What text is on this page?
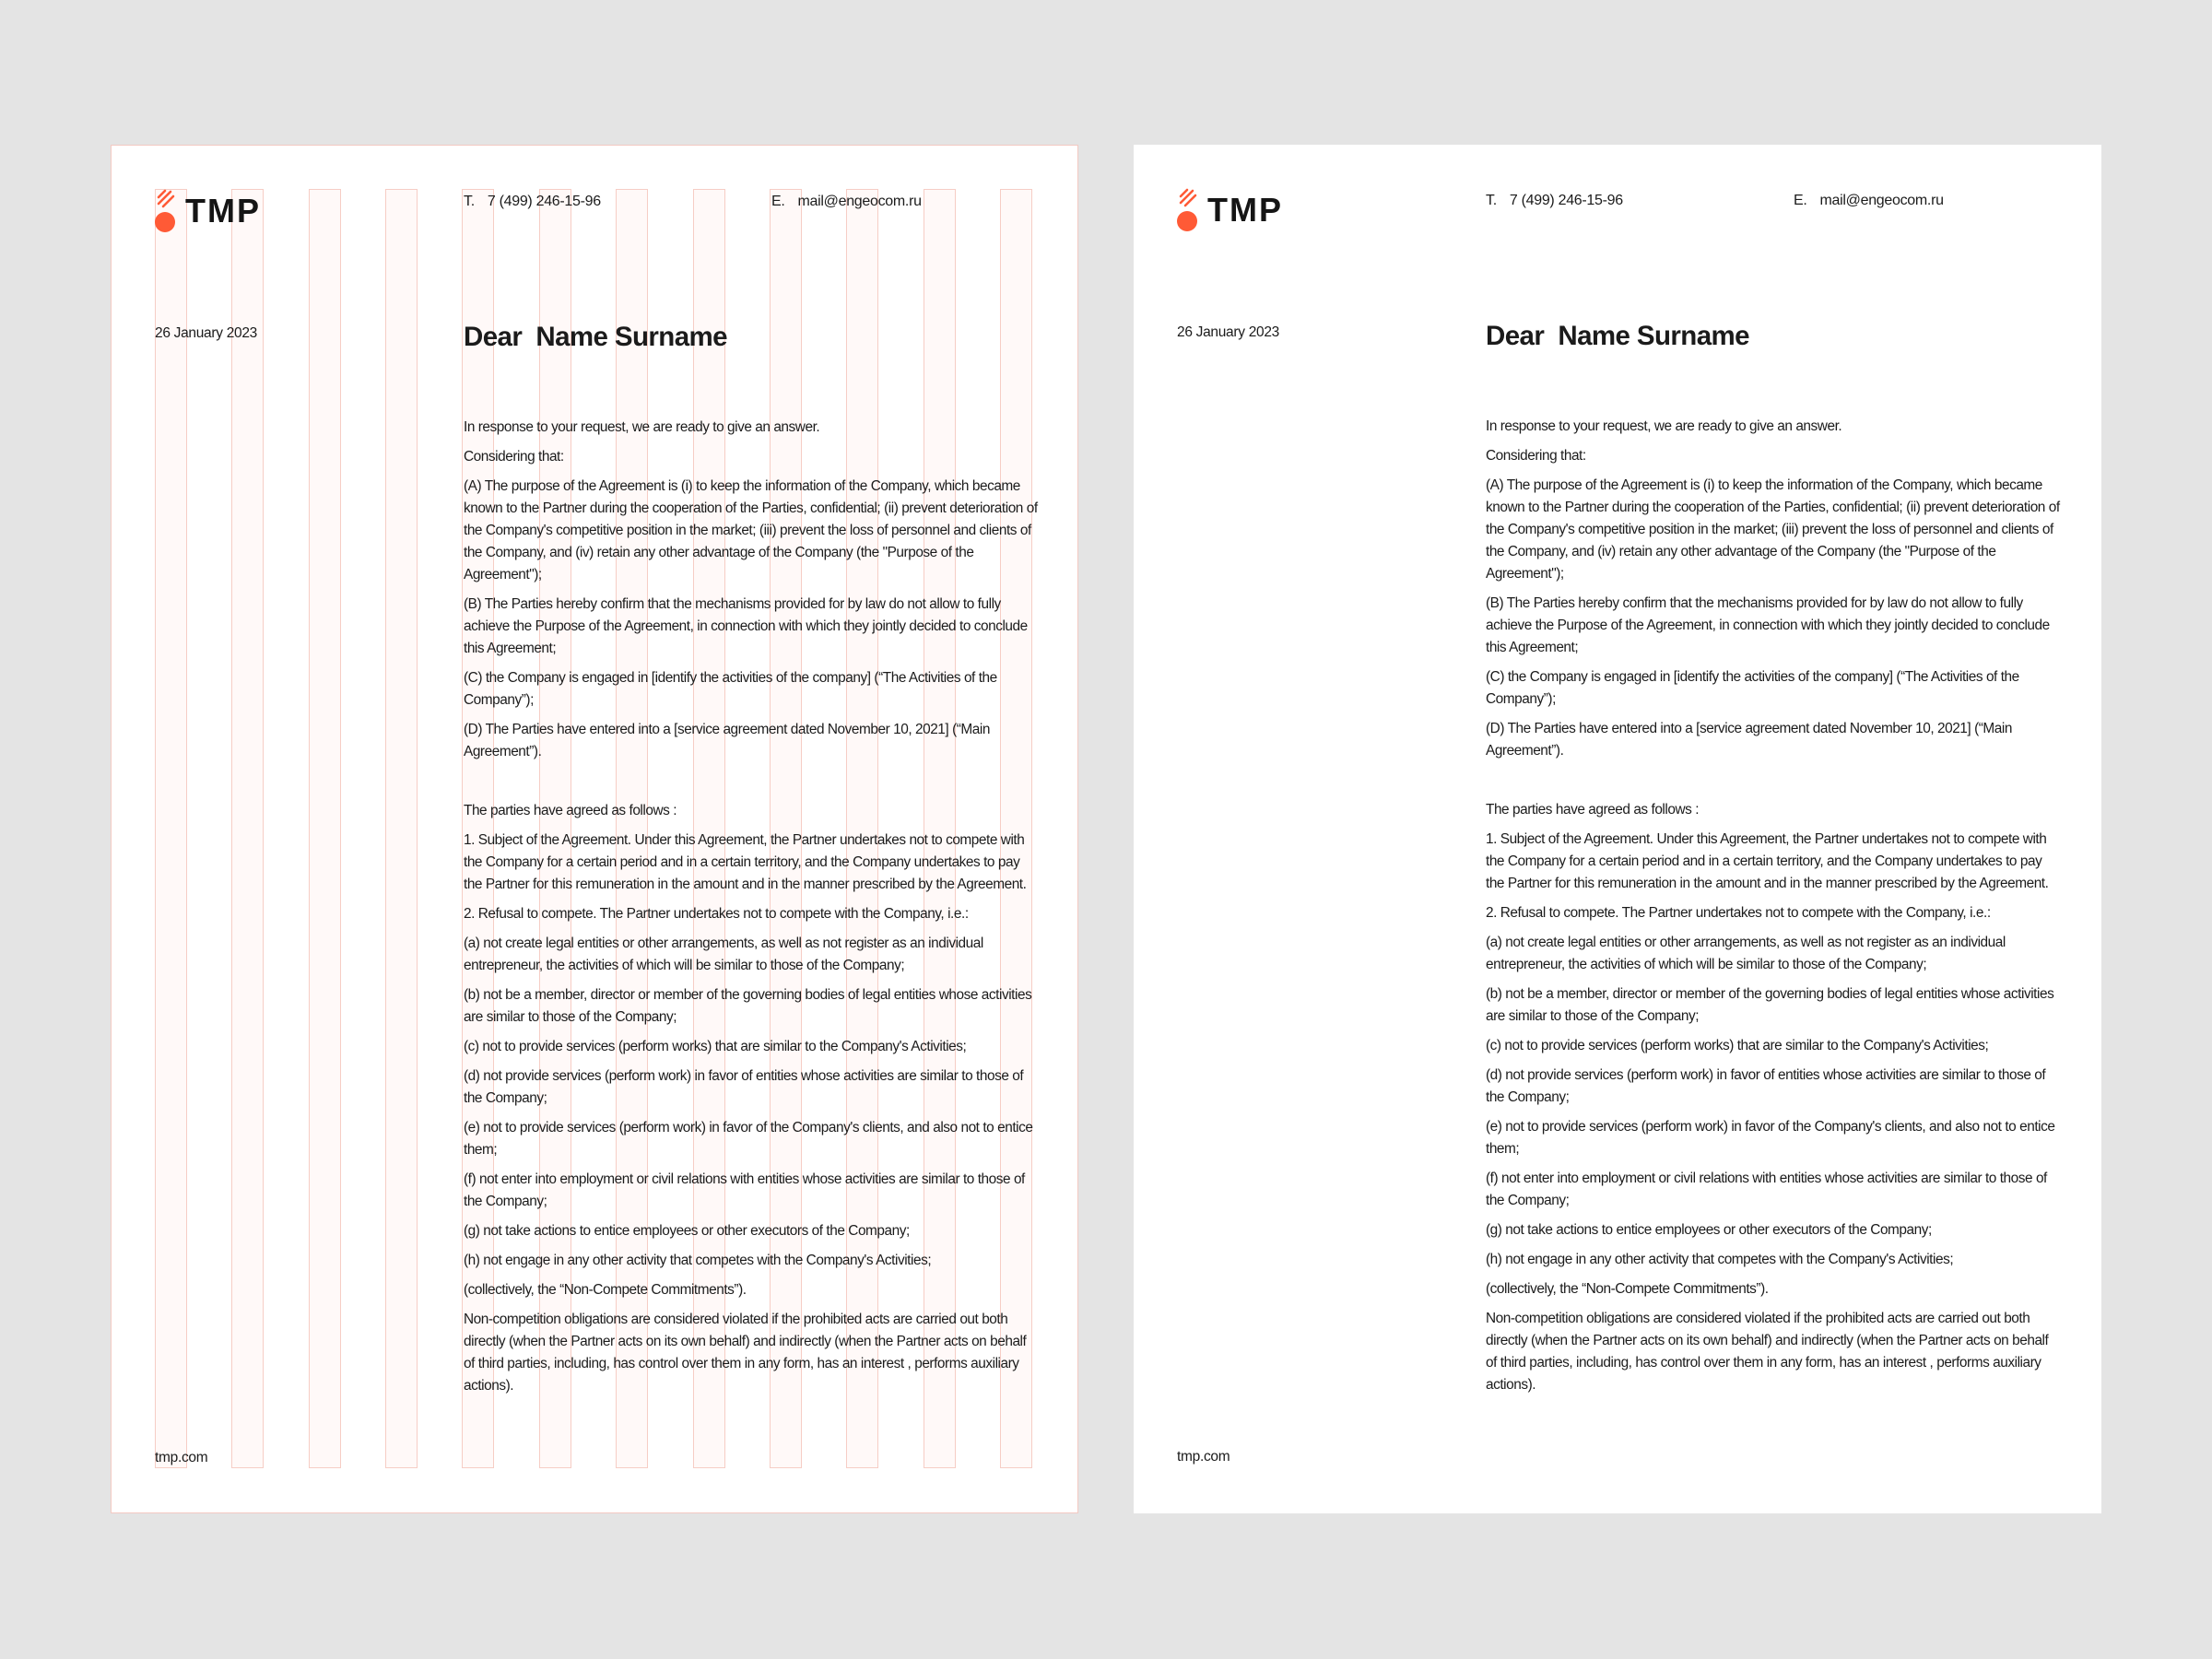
TMP	T. 7 (499) 246-15-96	E. mail@engeocom.ru
26 January 2023	Dear  Name Surname

In response to your request, we are ready to give an answer.

Considering that:

(A) The purpose of the Agreement is (i) to keep the information of the Company, which became known to the Partner during the cooperation of the Parties, confidential; (ii) prevent deterioration of the Company's competitive position in the market; (iii) prevent the loss of personnel and clients of the Company, and (iv) retain any other advantage of the Company (the "Purpose of the Agreement");

(B) The Parties hereby confirm that the mechanisms provided for by law do not allow to fully achieve the Purpose of the Agreement, in connection with which they jointly decided to conclude this Agreement;

(C) the Company is engaged in [identify the activities of the company] (“The Activities of the Company”);

(D) The Parties have entered into a [service agreement dated November 10, 2021] (“Main Agreement”).

The parties have agreed as follows :

1. Subject of the Agreement. Under this Agreement, the Partner undertakes not to compete with the Company for a certain period and in a certain territory, and the Company undertakes to pay the Partner for this remuneration in the amount and in the manner prescribed by the Agreement.

2. Refusal to compete. The Partner undertakes not to compete with the Company, i.e.:

(a) not create legal entities or other arrangements, as well as not register as an individual entrepreneur, the activities of which will be similar to those of the Company;

(b) not be a member, director or member of the governing bodies of legal entities whose activities are similar to those of the Company;

(c) not to provide services (perform works) that are similar to the Company's Activities;

(d) not provide services (perform work) in favor of entities whose activities are similar to those of the Company;

(e) not to provide services (perform work) in favor of the Company's clients, and also not to entice them;

(f) not enter into employment or civil relations with entities whose activities are similar to those of the Company;

(g) not take actions to entice employees or other executors of the Company;

(h) not engage in any other activity that competes with the Company's Activities;

(collectively, the “Non-Compete Commitments”).

Non-competition obligations are considered violated if the prohibited acts are carried out both directly (when the Partner acts on its own behalf) and indirectly (when the Partner acts on behalf of third parties, including, has control over them in any form, has an interest , performs auxiliary actions).

tmp.com
TMP	T. 7 (499) 246-15-96	E. mail@engeocom.ru
26 January 2023	Dear  Name Surname

In response to your request, we are ready to give an answer.

Considering that:

(A) The purpose of the Agreement is (i) to keep the information of the Company, which became known to the Partner during the cooperation of the Parties, confidential; (ii) prevent deterioration of the Company's competitive position in the market; (iii) prevent the loss of personnel and clients of the Company, and (iv) retain any other advantage of the Company (the "Purpose of the Agreement");

(B) The Parties hereby confirm that the mechanisms provided for by law do not allow to fully achieve the Purpose of the Agreement, in connection with which they jointly decided to conclude this Agreement;

(C) the Company is engaged in [identify the activities of the company] (“The Activities of the Company”);

(D) The Parties have entered into a [service agreement dated November 10, 2021] (“Main Agreement”).

The parties have agreed as follows :

1. Subject of the Agreement. Under this Agreement, the Partner undertakes not to compete with the Company for a certain period and in a certain territory, and the Company undertakes to pay the Partner for this remuneration in the amount and in the manner prescribed by the Agreement.

2. Refusal to compete. The Partner undertakes not to compete with the Company, i.e.:

(a) not create legal entities or other arrangements, as well as not register as an individual entrepreneur, the activities of which will be similar to those of the Company;

(b) not be a member, director or member of the governing bodies of legal entities whose activities are similar to those of the Company;

(c) not to provide services (perform works) that are similar to the Company's Activities;

(d) not provide services (perform work) in favor of entities whose activities are similar to those of the Company;

(e) not to provide services (perform work) in favor of the Company's clients, and also not to entice them;

(f) not enter into employment or civil relations with entities whose activities are similar to those of the Company;

(g) not take actions to entice employees or other executors of the Company;

(h) not engage in any other activity that competes with the Company's Activities;

(collectively, the “Non-Compete Commitments”).

Non-competition obligations are considered violated if the prohibited acts are carried out both directly (when the Partner acts on its own behalf) and indirectly (when the Partner acts on behalf of third parties, including, has control over them in any form, has an interest , performs auxiliary actions).

tmp.com
